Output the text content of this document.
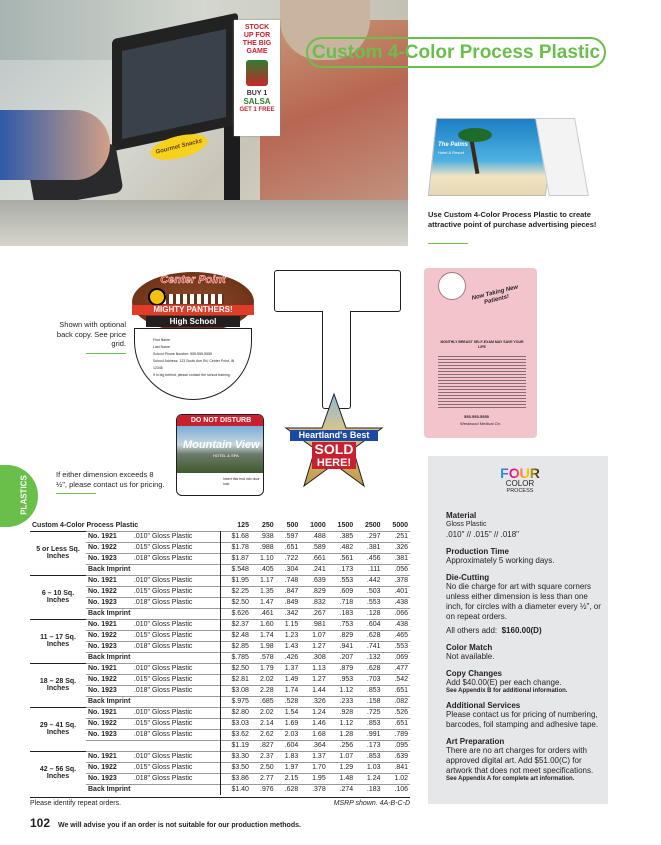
STOCK
UP FOR
THE BIG
GAME
BUY 1
SALSA
GET 1 FREE
Gourmet Snacks
Custom 4-Color Process Plastic
The Palms
Hotel & Resort
Use Custom 4-Color Process Plastic to create attractive point of purchase advertising pieces!
Center Point
MIGHTY PANTHERS!
High School
First Name
Last Name
School Phone Number: 555-555-5555
School Address: 123 South Ave Rd, Center Point, IN 12345
If in big behind, please contact the school training.
Shown with optional back copy. See price grid.
Now Taking New Patients!
MONTHLY BREAST SELF-EXAM MAY SAVE YOUR LIFE
555-555-5555
Westwood Medical Ctr.
DO NOT DISTURB
Mountain View
HOTEL & SPA
Insert this end into door lock.
Heartland's Best
SOLD
HERE!
If either dimension exceeds 8 ½", please contact us for pricing.
PLASTICS
FOUR
COLOR
PROCESS
Material
Gloss Plastic
.010" // .015" // .018"
Production Time
Approximately 5 working days.
Die-Cutting
No die charge for art with square corners unless either dimension is less than one inch, for circles with a diameter every ½", or on repeat orders.
All others add: $160.00(D)
Color Match
Not available.
Copy Changes
Add $40.00(E) per each change.
See Appendix B for additional information.
Additional Services
Please contact us for pricing of numbering, barcodes, foil stamping and adhesive tape.
Art Preparation
There are no art charges for orders with approved digital art. Add $51.00(C) for artwork that does not meet specifications.
See Appendix A for complete art information.
Custom 4-Color Process Plastic			125	250	500	1000	1500	2500	5000
5 or Less Sq. Inches	No. 1921	.010" Gloss Plastic	$1.68	.938	.597	.488	.385	.297	.251
	No. 1922	.015" Gloss Plastic	$1.78	.988	.651	.589	.482	.381	.326
	No. 1923	.018" Gloss Plastic	$1.87	1.10	.722	.661	.561	.456	.381
	Back Imprint		$.548	.405	.304	.241	.173	.111	.056
6 – 10 Sq. Inches	No. 1921	.010" Gloss Plastic	$1.95	1.17	.748	.639	.553	.442	.378
	No. 1922	.015" Gloss Plastic	$2.25	1.35	.847	.829	.609	.503	.401
	No. 1923	.018" Gloss Plastic	$2.50	1.47	.849	.832	.718	.553	.438
	Back Imprint		$.626	.461	.342	.267	.183	.128	.066
11 – 17 Sq. Inches	No. 1921	.010" Gloss Plastic	$2.37	1.60	1.15	.981	.753	.604	.438
	No. 1922	.015" Gloss Plastic	$2.48	1.74	1.23	1.07	.829	.628	.465
	No. 1923	.018" Gloss Plastic	$2.85	1.98	1.43	1.27	.941	.741	.553
	Back Imprint		$.785	.578	.426	.308	.207	.132	.069
18 – 28 Sq. Inches	No. 1921	.010" Gloss Plastic	$2.50	1.79	1.37	1.13	.879	.628	.477
	No. 1922	.015" Gloss Plastic	$2.81	2.02	1.49	1.27	.953	.703	.542
	No. 1923	.018" Gloss Plastic	$3.08	2.28	1.74	1.44	1.12	.853	.651
	Back Imprint		$.975	.685	.528	.326	.233	.158	.082
29 – 41 Sq. Inches	No. 1921	.010" Gloss Plastic	$2.80	2.02	1.54	1.24	.928	.725	.526
	No. 1922	.015" Gloss Plastic	$3.03	2.14	1.69	1.46	1.12	.853	.651
	No. 1923	.018" Gloss Plastic	$3.62	2.62	2.03	1.68	1.28	.991	.789
			$1.19	.827	.604	.364	.256	.173	.095
42 – 56 Sq. Inches	No. 1921	.010" Gloss Plastic	$3.30	2.37	1.83	1.37	1.07	.853	.639
	No. 1922	.015" Gloss Plastic	$3.50	2.50	1.97	1.70	1.29	1.03	.841
	No. 1923	.018" Gloss Plastic	$3.86	2.77	2.15	1.95	1.48	1.24	1.02
	Back Imprint		$1.40	.976	.628	.378	.274	.183	.106
Please identify repeat orders.	MSRP shown. 4A-B-C-D
102 We will advise you if an order is not suitable for our production methods.
